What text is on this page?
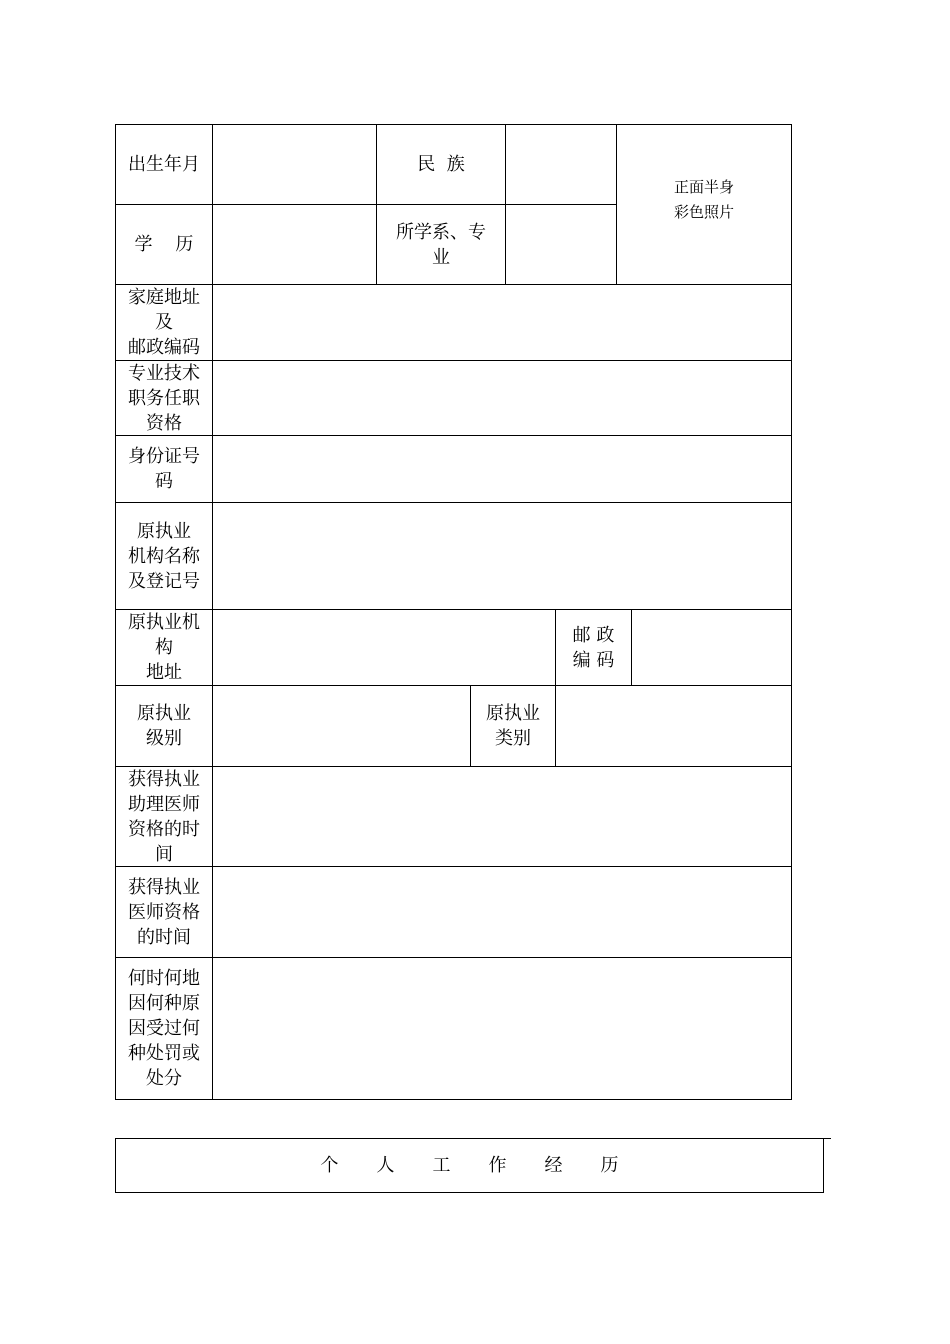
出生年月	民  族
正面半身
彩色照片
学    历
所学系、专
业
家庭地址
及
邮政编码
专业技术
职务任职
资格
身份证号
码
原执业
机构名称
及登记号
原执业机
构
地址
邮 政
编 码
原执业
级别
原执业
类别
获得执业
助理医师
资格的时
间
获得执业
医师资格
的时间
何时何地
因何种原
因受过何
种处罚或
处分
个 人 工 作 经 历
